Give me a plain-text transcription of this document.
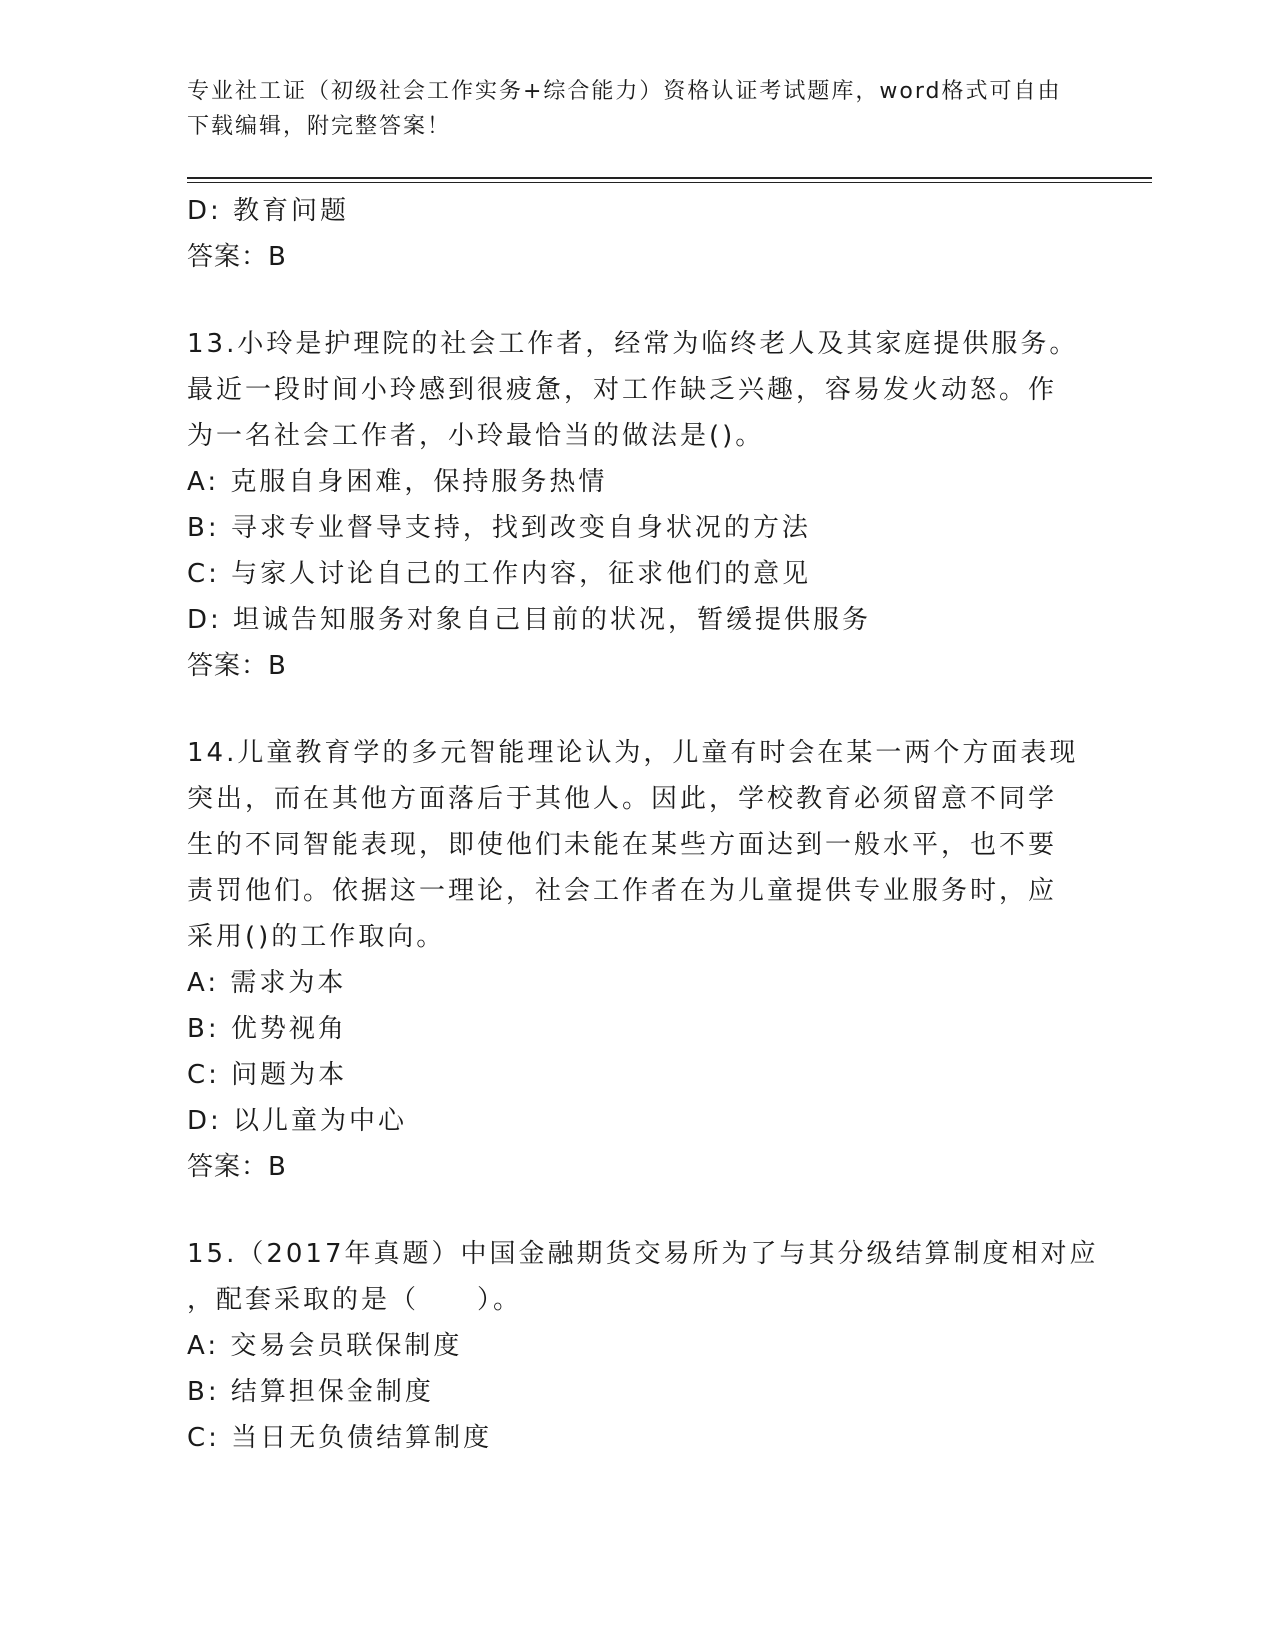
专业社工证（初级社会工作实务+综合能力）资格认证考试题库，word格式可自由
下载编辑，附完整答案！
D: 教育问题
答案：B
13.小玲是护理院的社会工作者，经常为临终老人及其家庭提供服务。
最近一段时间小玲感到很疲惫，对工作缺乏兴趣，容易发火动怒。作
为一名社会工作者，小玲最恰当的做法是()。
A: 克服自身困难，保持服务热情
B: 寻求专业督导支持，找到改变自身状况的方法
C: 与家人讨论自己的工作内容，征求他们的意见
D: 坦诚告知服务对象自己目前的状况，暂缓提供服务
答案：B
14.儿童教育学的多元智能理论认为，儿童有时会在某一两个方面表现
突出，而在其他方面落后于其他人。因此，学校教育必须留意不同学
生的不同智能表现，即使他们未能在某些方面达到一般水平，也不要
责罚他们。依据这一理论，社会工作者在为儿童提供专业服务时，应
采用()的工作取向。
A: 需求为本
B: 优势视角
C: 问题为本
D: 以儿童为中心
答案：B
15.（2017年真题）中国金融期货交易所为了与其分级结算制度相对应
，配套采取的是（　　）。
A: 交易会员联保制度
B: 结算担保金制度
C: 当日无负债结算制度
